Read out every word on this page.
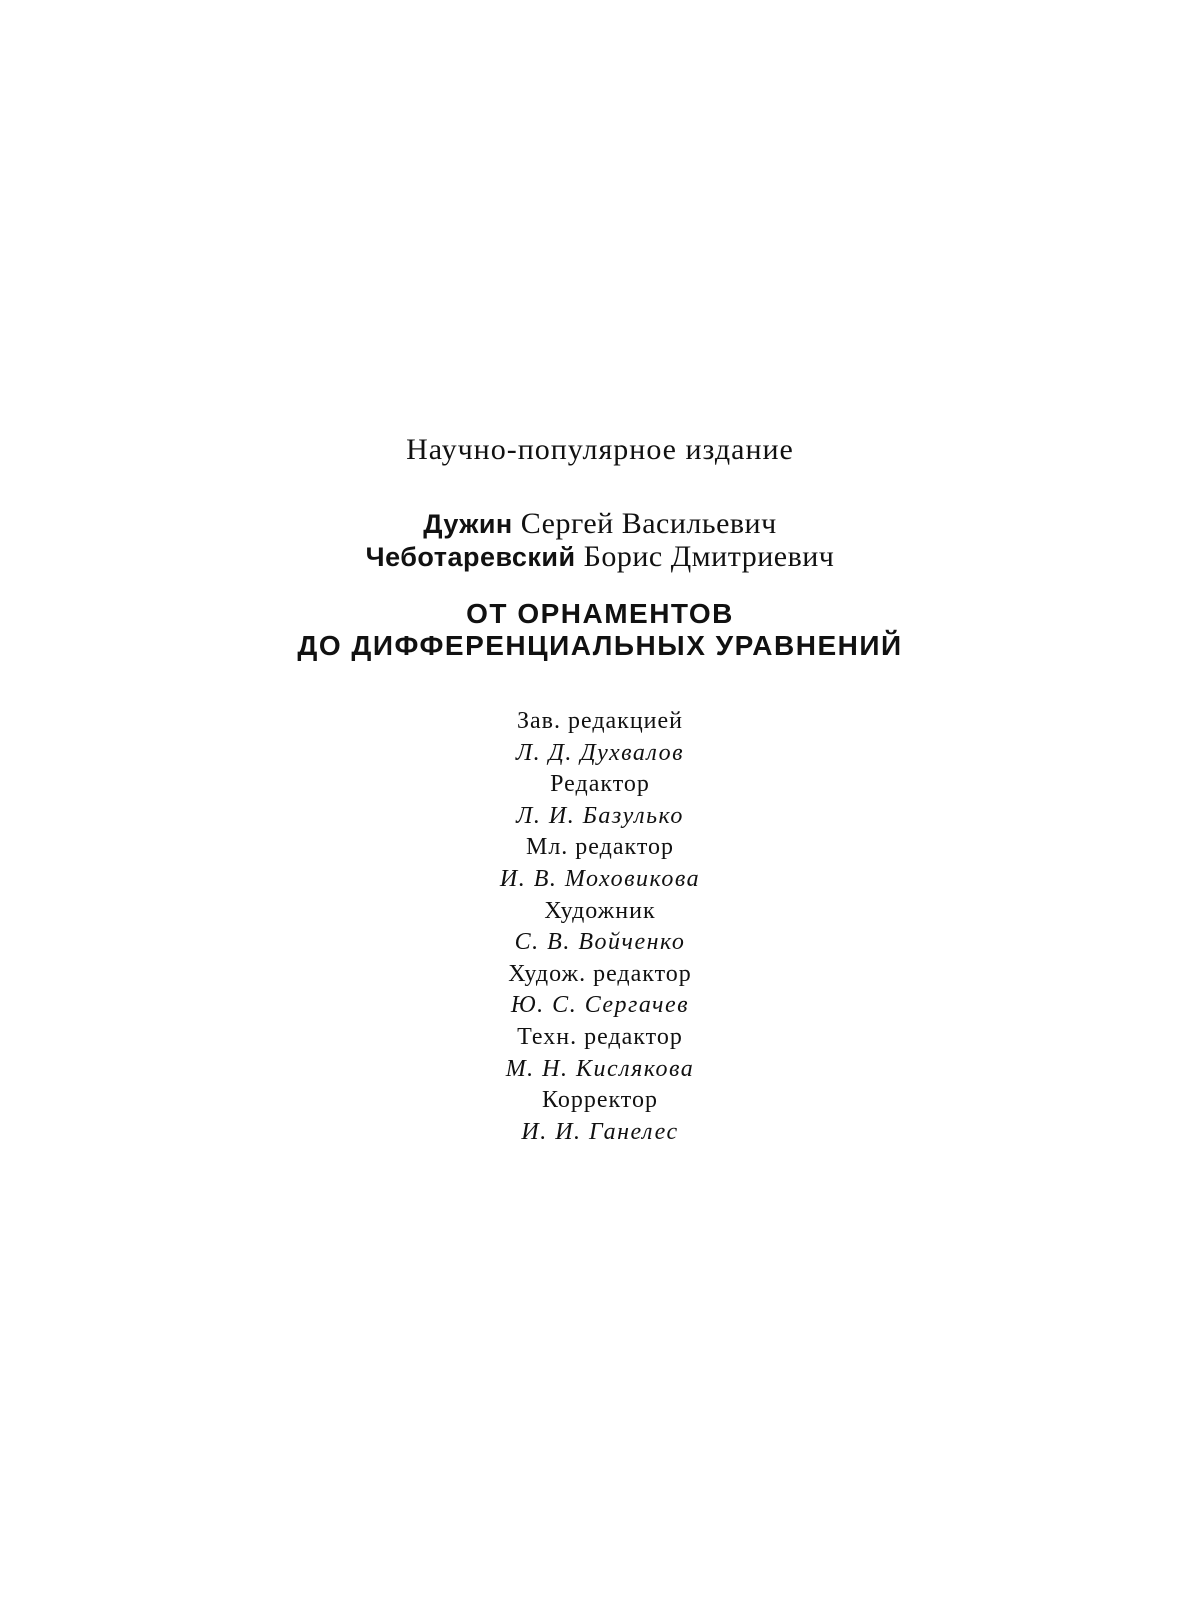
Научно-популярное издание
Дужин Сергей Васильевич
Чеботаревский Борис Дмитриевич
ОТ ОРНАМЕНТОВ
ДО ДИФФЕРЕНЦИАЛЬНЫХ УРАВНЕНИЙ
Зав. редакцией
Л. Д. Духвалов
Редактор
Л. И. Базулько
Мл. редактор
И. В. Моховикова
Художник
С. В. Войченко
Худож. редактор
Ю. С. Сергачев
Техн. редактор
М. Н. Кислякова
Корректор
И. И. Ганелес
